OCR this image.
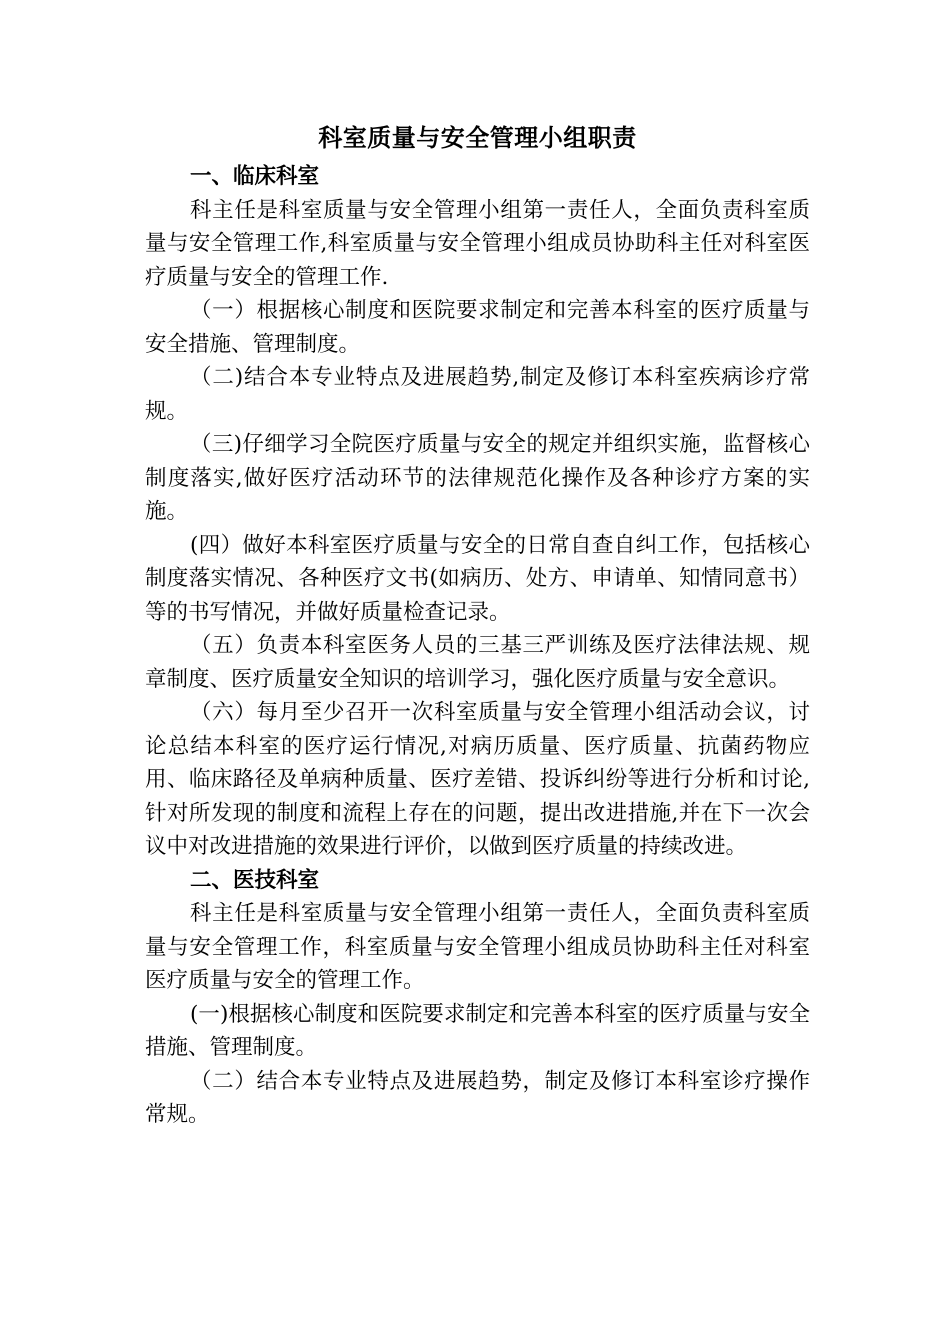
科室质量与安全管理小组职责
一、临床科室

科主任是科室质量与安全管理小组第一责任人，全面负责科室质量与安全管理工作,科室质量与安全管理小组成员协助科主任对科室医疗质量与安全的管理工作.

（一）根据核心制度和医院要求制定和完善本科室的医疗质量与安全措施、管理制度。

（二)结合本专业特点及进展趋势,制定及修订本科室疾病诊疗常规。

（三)仔细学习全院医疗质量与安全的规定并组织实施，监督核心制度落实,做好医疗活动环节的法律规范化操作及各种诊疗方案的实施。

(四）做好本科室医疗质量与安全的日常自查自纠工作，包括核心制度落实情况、各种医疗文书(如病历、处方、申请单、知情同意书）等的书写情况，并做好质量检查记录。

（五）负责本科室医务人员的三基三严训练及医疗法律法规、规章制度、医疗质量安全知识的培训学习，强化医疗质量与安全意识。

（六）每月至少召开一次科室质量与安全管理小组活动会议，讨论总结本科室的医疗运行情况,对病历质量、医疗质量、抗菌药物应用、临床路径及单病种质量、医疗差错、投诉纠纷等进行分析和讨论,针对所发现的制度和流程上存在的问题，提出改进措施,并在下一次会议中对改进措施的效果进行评价，以做到医疗质量的持续改进。

二、医技科室

科主任是科室质量与安全管理小组第一责任人，全面负责科室质量与安全管理工作，科室质量与安全管理小组成员协助科主任对科室医疗质量与安全的管理工作。

(一)根据核心制度和医院要求制定和完善本科室的医疗质量与安全措施、管理制度。

（二）结合本专业特点及进展趋势，制定及修订本科室诊疗操作常规。
